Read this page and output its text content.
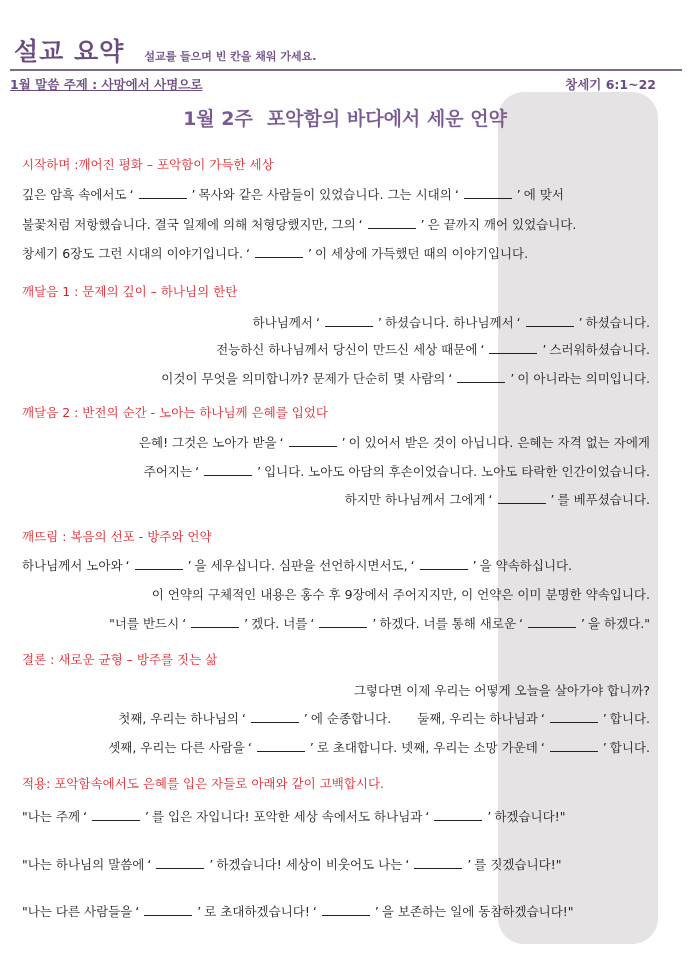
설교 요약 설교를 들으며 빈 칸을 채워 가세요.
1월 말씀 주제 : 사망에서 사명으로	창세기 6:1~22
1월 2주 포악함의 바다에서 세운 언약
시작하며 :깨어진 평화 – 포악함이 가득한 세상
깊은 암흑 속에서도 ‘	’ 목사와 같은 사람들이 있었습니다. 그는 시대의 ‘	’ 에 맞서
불꽃처럼 저항했습니다. 결국 일제에 의해 처형당했지만, 그의 ‘	’ 은 끝까지 깨어 있었습니다.
창세기 6장도 그런 시대의 이야기입니다. ‘	’ 이 세상에 가득했던 때의 이야기입니다.
깨달음 1 : 문제의 깊이 – 하나님의 한탄
하나님께서 ‘	’ 하셨습니다. 하나님께서 ‘	’ 하셨습니다.
전능하신 하나님께서 당신이 만드신 세상 때문에 ‘	’ 스러워하셨습니다.
이것이 무엇을 의미합니까? 문제가 단순히 몇 사람의 ‘	’ 이 아니라는 의미입니다.
깨달음 2 : 반전의 순간 - 노아는 하나님께 은혜를 입었다
은혜! 그것은 노아가 받을 ‘	’ 이 있어서 받은 것이 아닙니다. 은혜는 자격 없는 자에게
주어지는 ‘	’ 입니다. 노아도 아담의 후손이었습니다. 노아도 타락한 인간이었습니다.
하지만 하나님께서 그에게 ‘	’ 를 베푸셨습니다.
깨뜨림 : 복음의 선포 - 방주와 언약
하나님께서 노아와 ‘	’ 을 세우십니다. 심판을 선언하시면서도, ‘	’ 을 약속하십니다.
이 언약의 구체적인 내용은 홍수 후 9장에서 주어지지만, 이 언약은 이미 분명한 약속입니다.
"너를 반드시 ‘	’ 겠다. 너를 ‘	’ 하겠다. 너를 통해 새로운 ‘	’ 을 하겠다."
결론 : 새로운 균형 – 방주를 짓는 삶
그렇다면 이제 우리는 어떻게 오늘을 살아가야 합니까?
첫째, 우리는 하나님의 ‘	’ 에 순종합니다. 둘째, 우리는 하나님과 ‘	’ 합니다.
셋째, 우리는 다른 사람을 ‘	’ 로 초대합니다. 넷째, 우리는 소망 가운데 ‘	’ 합니다.
적용: 포악함속에서도 은혜를 입은 자들로 아래와 같이 고백합시다.
"나는 주께 ‘	’ 를 입은 자입니다! 포악한 세상 속에서도 하나님과 ‘	’ 하겠습니다!"
"나는 하나님의 말씀에 ‘	’ 하겠습니다! 세상이 비웃어도 나는 ‘	’ 를 짓겠습니다!"
"나는 다른 사람들을 ‘	’ 로 초대하겠습니다! ‘	’ 을 보존하는 일에 동참하겠습니다!"
